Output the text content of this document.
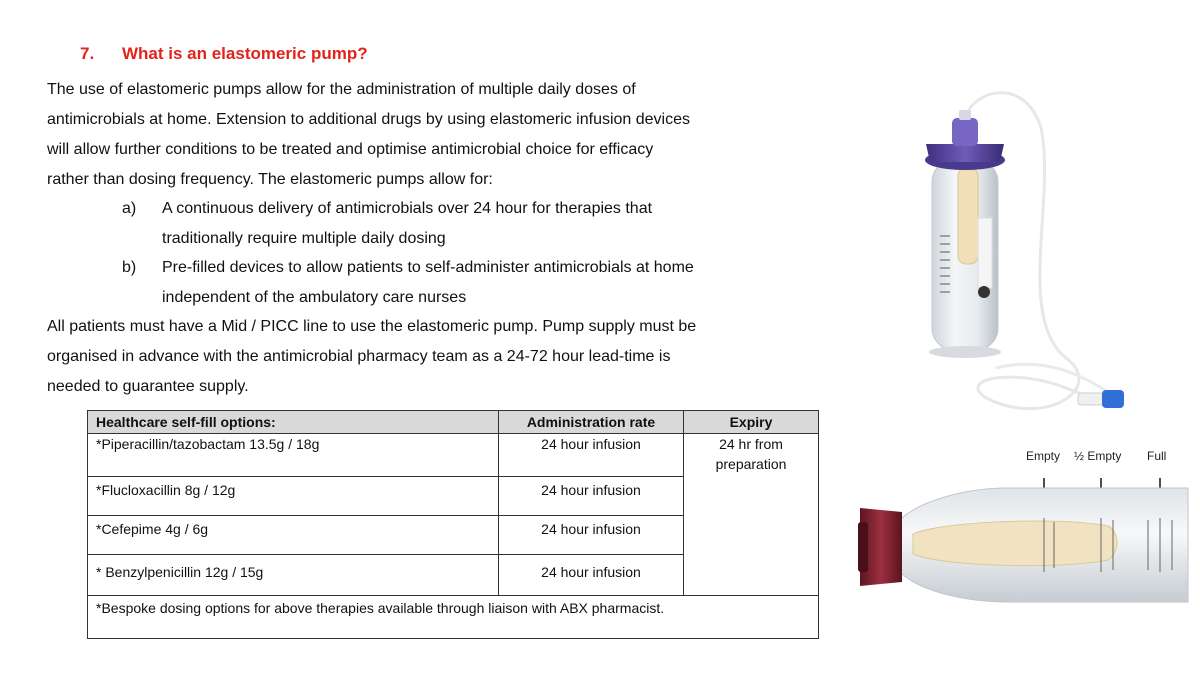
7. What is an elastomeric pump?
The use of elastomeric pumps allow for the administration of multiple daily doses of
antimicrobials at home. Extension to additional drugs by using elastomeric infusion devices
will allow further conditions to be treated and optimise antimicrobial choice for efficacy
rather than dosing frequency. The elastomeric pumps allow for:
a) A continuous delivery of antimicrobials over 24 hour for therapies that
traditionally require multiple daily dosing
b) Pre-filled devices to allow patients to self-administer antimicrobials at home
independent of the ambulatory care nurses
All patients must have a Mid / PICC line to use the elastomeric pump. Pump supply must be
organised in advance with the antimicrobial pharmacy team as a 24-72 hour lead-time is
needed to guarantee supply.
Healthcare self-fill options:	Administration rate	Expiry
*Piperacillin/tazobactam 13.5g / 18g	24 hour infusion	24 hr from
preparation

*Flucloxacillin 8g / 12g	24 hour infusion	
*Cefepime 4g / 6g	24 hour infusion	
* Benzylpenicillin 12g / 15g	24 hour infusion	
*Bespoke dosing options for above therapies available through liaison with ABX pharmacist.		
Empty ½ Empty Full
